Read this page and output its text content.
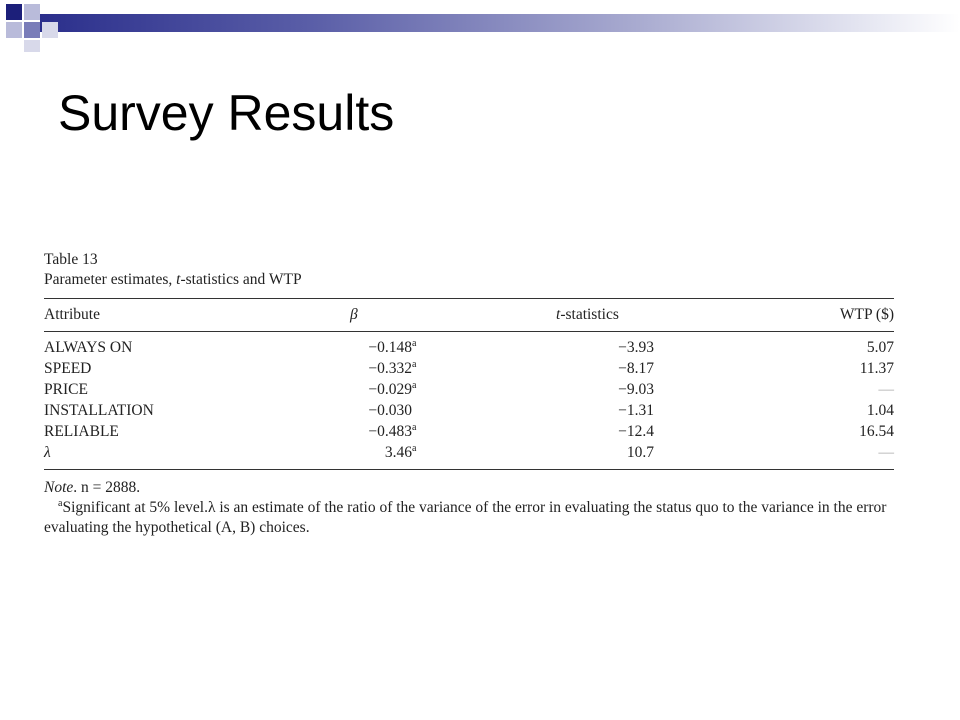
Survey Results
Table 13
Parameter estimates, t-statistics and WTP
Attribute	β	t-statistics	WTP ($)
ALWAYS ON	−0.148$^a$	−3.93	5.07
SPEED	−0.332$^a$	−8.17	11.37
PRICE	−0.029$^a$	−9.03	—
INSTALLATION	−0.030	−1.31	1.04
RELIABLE	−0.483$^a$	−12.4	16.54
λ	3.46$^a$	10.7	—
Note. n = 2888.
$^a$Significant at 5% level.λ is an estimate of the ratio of the variance of the error in evaluating the status quo to the variance in the error evaluating the hypothetical (A, B) choices.
